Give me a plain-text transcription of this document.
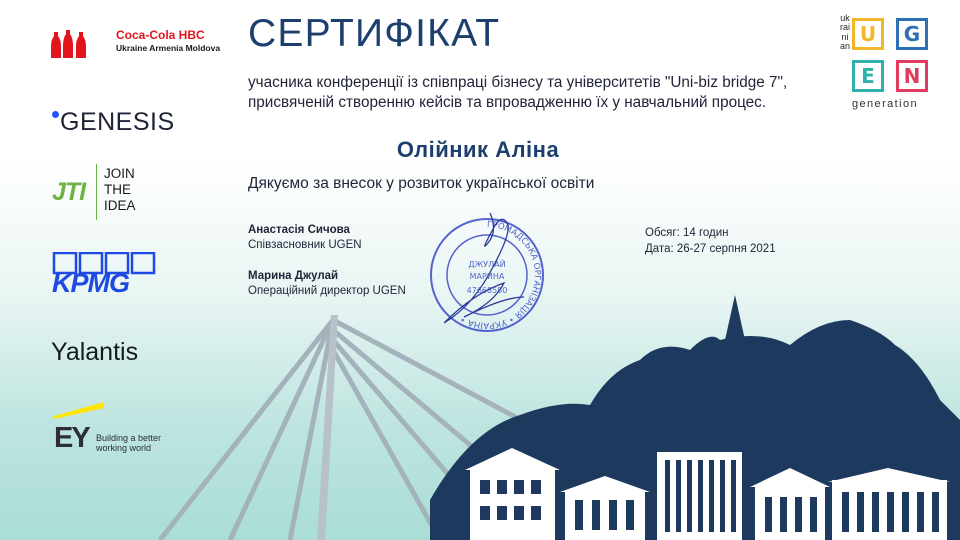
Coca-Cola HBC
Ukraine Armenia Moldova
GENESIS
JTI
JOIN
THE
IDEA
KPMG
Yalantis
EY Building a better
working world
СЕРТИФІКАТ
учасника конференції із співпраці бізнесу та університетів "Uni-biz bridge 7", присвяченій створенню кейсів та впровадженню їх у навчальний процес.
Олійник Аліна
Дякуємо за внесок у розвиток української освіти
Анастасія Сичова
Співзасновник UGEN
Марина Джулай
Операційний директор UGEN
Обсяг: 14 годин
Дата: 26-27 серпня 2021
ГРОМАДСЬКА ОРГАНІЗАЦІЯ • УКРАЇНА •
ДЖУЛАЙ
МАРИНА
47668580
ukrainian
U	G
E	N
generation
